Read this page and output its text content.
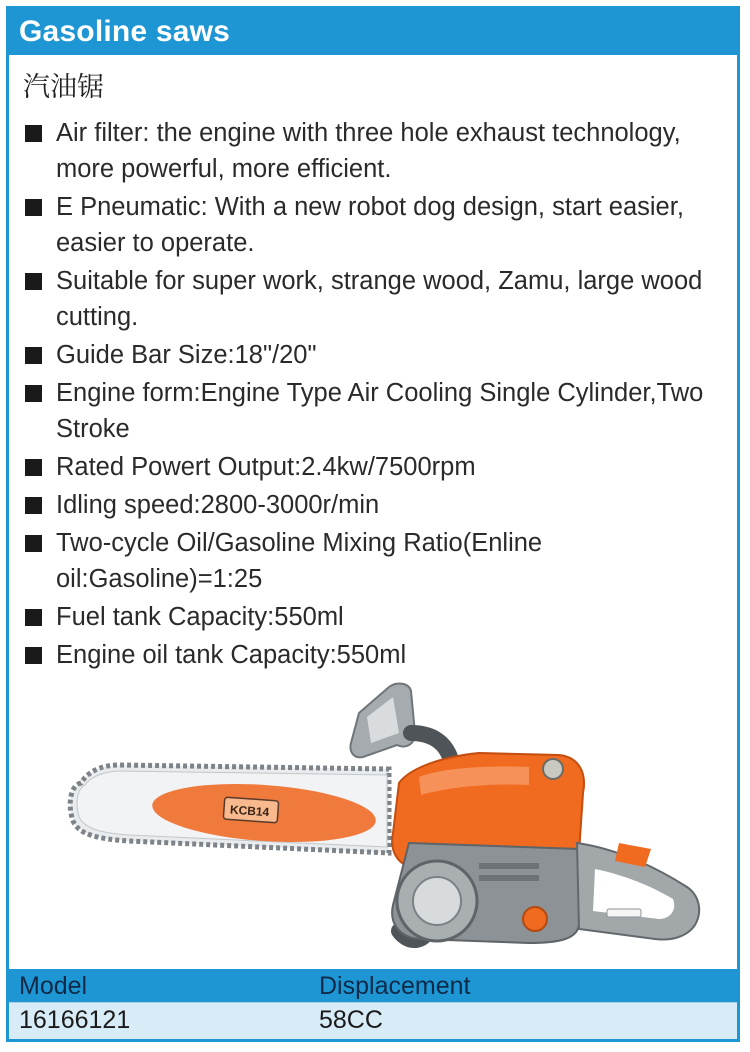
Gasoline saws
汽油锯
Air filter: the engine with three hole exhaust technology, more powerful, more efficient.
E Pneumatic: With a new robot dog design, start easier, easier to operate.
Suitable for super work, strange wood, Zamu, large wood cutting.
Guide Bar Size:18"/20"
Engine form:Engine Type Air Cooling Single Cylinder,Two Stroke
Rated Powert Output:2.4kw/7500rpm
Idling speed:2800-3000r/min
Two-cycle Oil/Gasoline Mixing Ratio(Enline oil:Gasoline)=1:25
Fuel tank Capacity:550ml
Engine oil tank Capacity:550ml
KCB14
Model	Displacement
16166121	58CC
